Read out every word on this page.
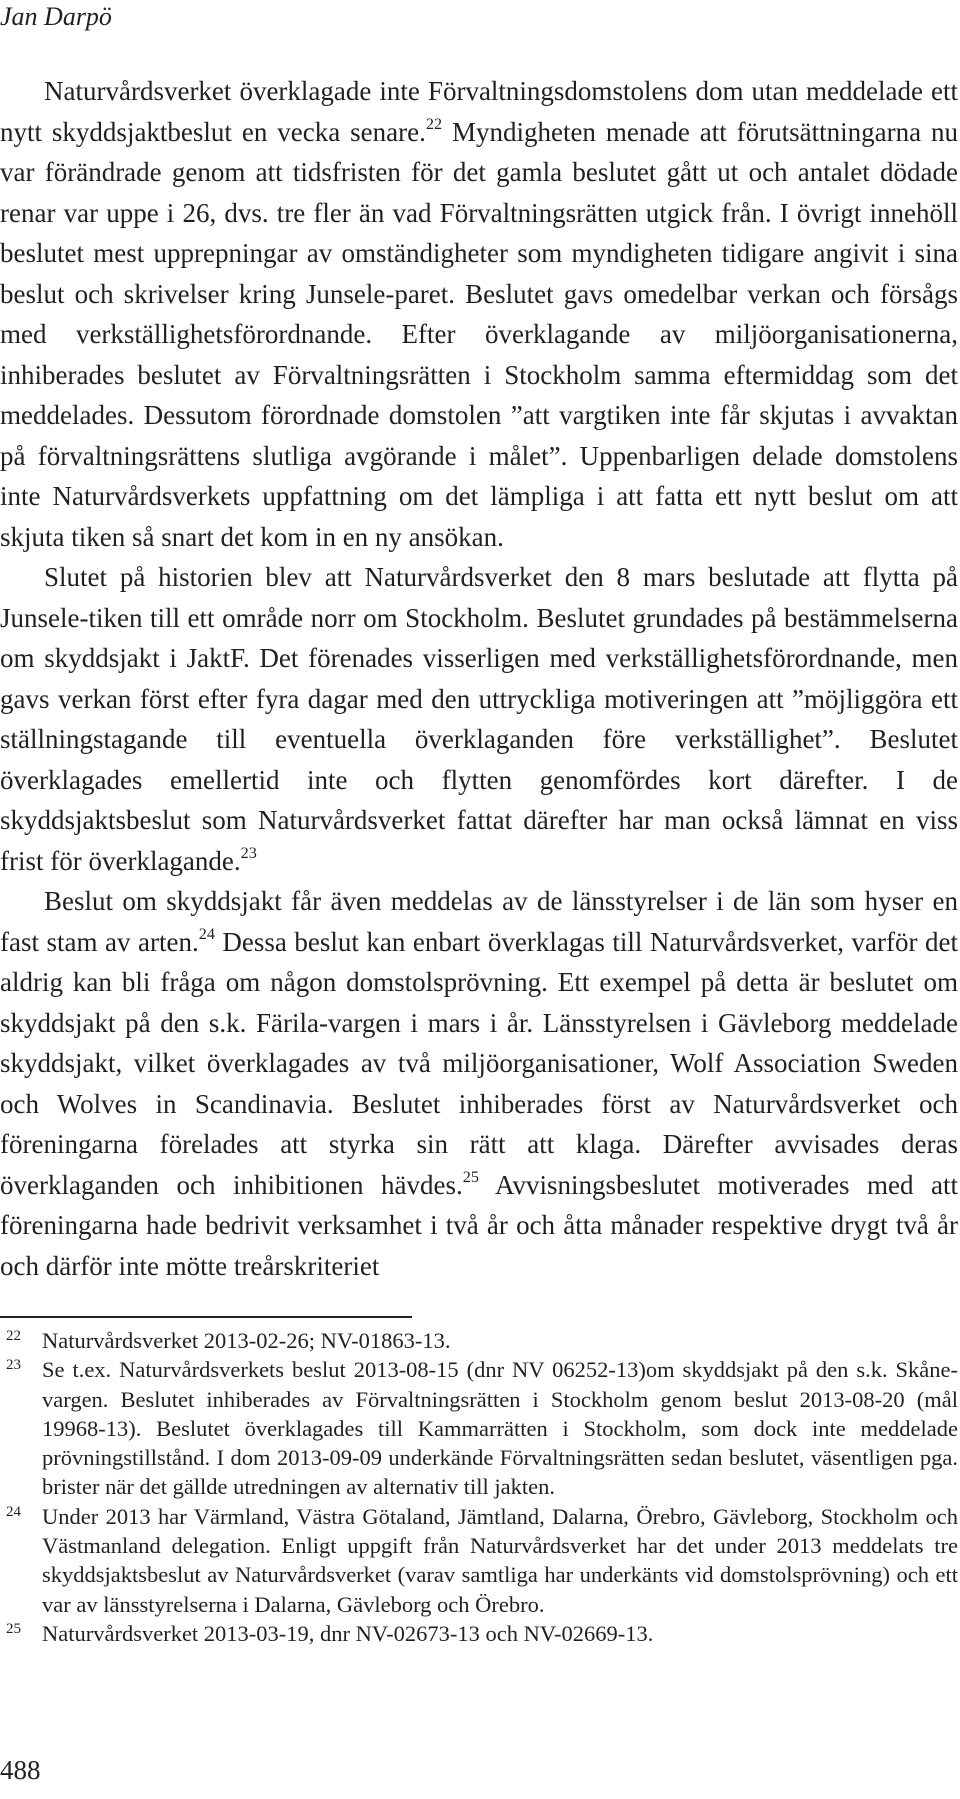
Jan Darpö

Naturvårdsverket överklagade inte Förvaltningsdomstolens dom utan meddelade ett nytt skyddsjaktbeslut en vecka senare.$^{22}$ Myndigheten menade att förutsättningarna nu var förändrade genom att tidsfristen för det gamla beslutet gått ut och antalet dödade renar var uppe i 26, dvs. tre fler än vad Förvaltningsrätten utgick från. I övrigt innehöll beslutet mest upprepningar av omständigheter som myndigheten tidigare angivit i sina beslut och skrivelser kring Junsele-paret. Beslutet gavs omedelbar verkan och försågs med verkställighetsförordnande. Efter överklagande av miljöorganisationerna, inhiberades beslutet av Förvaltningsrätten i Stockholm samma eftermiddag som det meddelades. Dessutom förordnade domstolen ”att vargtiken inte får skjutas i avvaktan på förvaltningsrättens slutliga avgörande i målet”. Uppenbarligen delade domstolens inte Naturvårdsverkets uppfattning om det lämpliga i att fatta ett nytt beslut om att skjuta tiken så snart det kom in en ny ansökan.

Slutet på historien blev att Naturvårdsverket den 8 mars beslutade att flytta på Junsele-tiken till ett område norr om Stockholm. Beslutet grundades på bestämmelserna om skyddsjakt i JaktF. Det förenades visserligen med verkställighetsförordnande, men gavs verkan först efter fyra dagar med den uttryckliga motiveringen att ”möjliggöra ett ställningstagande till eventuella överklaganden före verkställighet”. Beslutet överklagades emellertid inte och flytten genomfördes kort därefter. I de skyddsjaktsbeslut som Naturvårdsverket fattat därefter har man också lämnat en viss frist för överklagande.$^{23}$

Beslut om skyddsjakt får även meddelas av de länsstyrelser i de län som hyser en fast stam av arten.$^{24}$ Dessa beslut kan enbart överklagas till Naturvårdsverket, varför det aldrig kan bli fråga om någon domstolsprövning. Ett exempel på detta är beslutet om skyddsjakt på den s.k. Färila-vargen i mars i år. Länsstyrelsen i Gävleborg meddelade skyddsjakt, vilket överklagades av två miljöorganisationer, Wolf Association Sweden och Wolves in Scandinavia. Beslutet inhiberades först av Naturvårdsverket och föreningarna förelades att styrka sin rätt att klaga. Därefter avvisades deras överklaganden och inhibitionen hävdes.$^{25}$ Avvisningsbeslutet motiverades med att föreningarna hade bedrivit verksamhet i två år och åtta månader respektive drygt två år och därför inte mötte treårskriteriet

22 Naturvårdsverket 2013-02-26; NV-01863-13.

23 Se t.ex. Naturvårdsverkets beslut 2013-08-15 (dnr NV 06252-13)om skyddsjakt på den s.k. Skåne-vargen. Beslutet inhiberades av Förvaltningsrätten i Stockholm genom beslut 2013-08-20 (mål 19968-13). Beslutet överklagades till Kammarrätten i Stockholm, som dock inte meddelade prövningstillstånd. I dom 2013-09-09 underkände Förvaltningsrätten sedan beslutet, väsentligen pga. brister när det gällde utredningen av alternativ till jakten.

24 Under 2013 har Värmland, Västra Götaland, Jämtland, Dalarna, Örebro, Gävleborg, Stockholm och Västmanland delegation. Enligt uppgift från Naturvårdsverket har det under 2013 meddelats tre skyddsjaktsbeslut av Naturvårdsverket (varav samtliga har underkänts vid domstolsprövning) och ett var av länsstyrelserna i Dalarna, Gävleborg och Örebro.

25 Naturvårdsverket 2013-03-19, dnr NV-02673-13 och NV-02669-13.

488
